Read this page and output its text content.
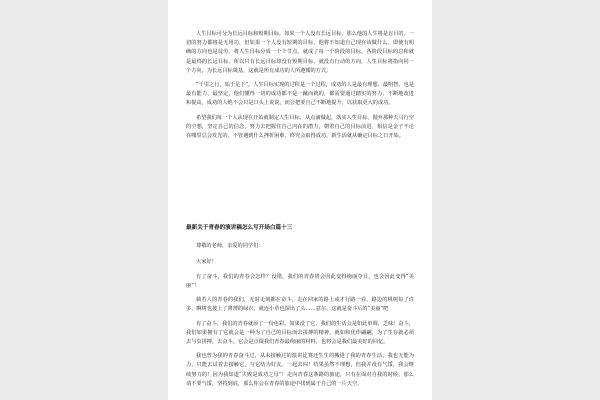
人生目标可分为长远目标和短期目标。如果一个人没有长远目标，那么他的人生将是盲目的。一切的努力都将是无用功，但如果一个人没有短期的目标，他将不知道自己现在该做什么。即使有明确的方向也是徒劳。将人生目标分成一个个节点，就成了每一个阶段的目标，各阶段目标的总和就是最终的长远目标。所以只有长远目标却没有短期目标，就没有行动的方向，人生目标将指向同一个方向，为长远目标奠基，这就是所有成功的人所遵循的方式。

“千里之行，始于足下”。人生目标实现的过程是一个过程，成功的人是最有理想、最明智、也是最有能力，最坚定，他们懂得一切的成功都不是一蹴而就的，都需要通过踏实的努力，不断地改进和提高，成功的人绝不会只是口头上说说，而会把要自己不断地提升，以获取更大的成功。

希望我们每一个人从现在开始就制定人生目标，从点滴做起，落实人生目标，抛弃那种天马行空的空想，坚定自己的信念，努力去把握住自己内在的潜力，朝着自己的目标前进，相信是金子不论在哪里总会发光的，不管遇到什么挫折困难，终究会取得成功，新生活就从确定目标之日开始。

最新关于青春的演讲稿怎么写开场白篇十三

尊敬的老师，亲爱的同学们：

大家好！

有了奋斗，我们的青春会怎样？没错，我们的青春将会因此变得绚丽夺目，也会因此变得“美丽”！

倘若人的青春的我们，无时无刻都在奋斗，走在回家的路上或才行路一看，路边的桃树每了许多，啊树也披上了薄薄的绿衣，就连小草也探出了头……意尔，这就是奋斗后的“美丽”吧

有了奋斗，我们的青春就添了一份色彩。如果没了它，我们的生活会是如此单调，乏味！奋斗，我们如果拥有了它就会是一种为了自己的目标而去拼搏的精神，就如和优作翩翩，为了生存就必须去与虫拼搏，去奋斗。它会是点缀我们青春最绚丽的材料，也将会是我们最美好的回忆。

我也曾为我的青春奋斗过，从未接触过的演讲比赛还生生的搬进了我的青春生活，我也无能为力，只能去试着去接触它，与它结为好友。一起去闯！结果虽然不理想，但我并没有气馁，我会继续努力的！因为我知道“失败是成功之母”！走向青春这条路的旅途，只有在面对自我的时候，那么请不要气馁，坚持到底，那么你会在青春的旅途中找到属于自己的一片天空。
